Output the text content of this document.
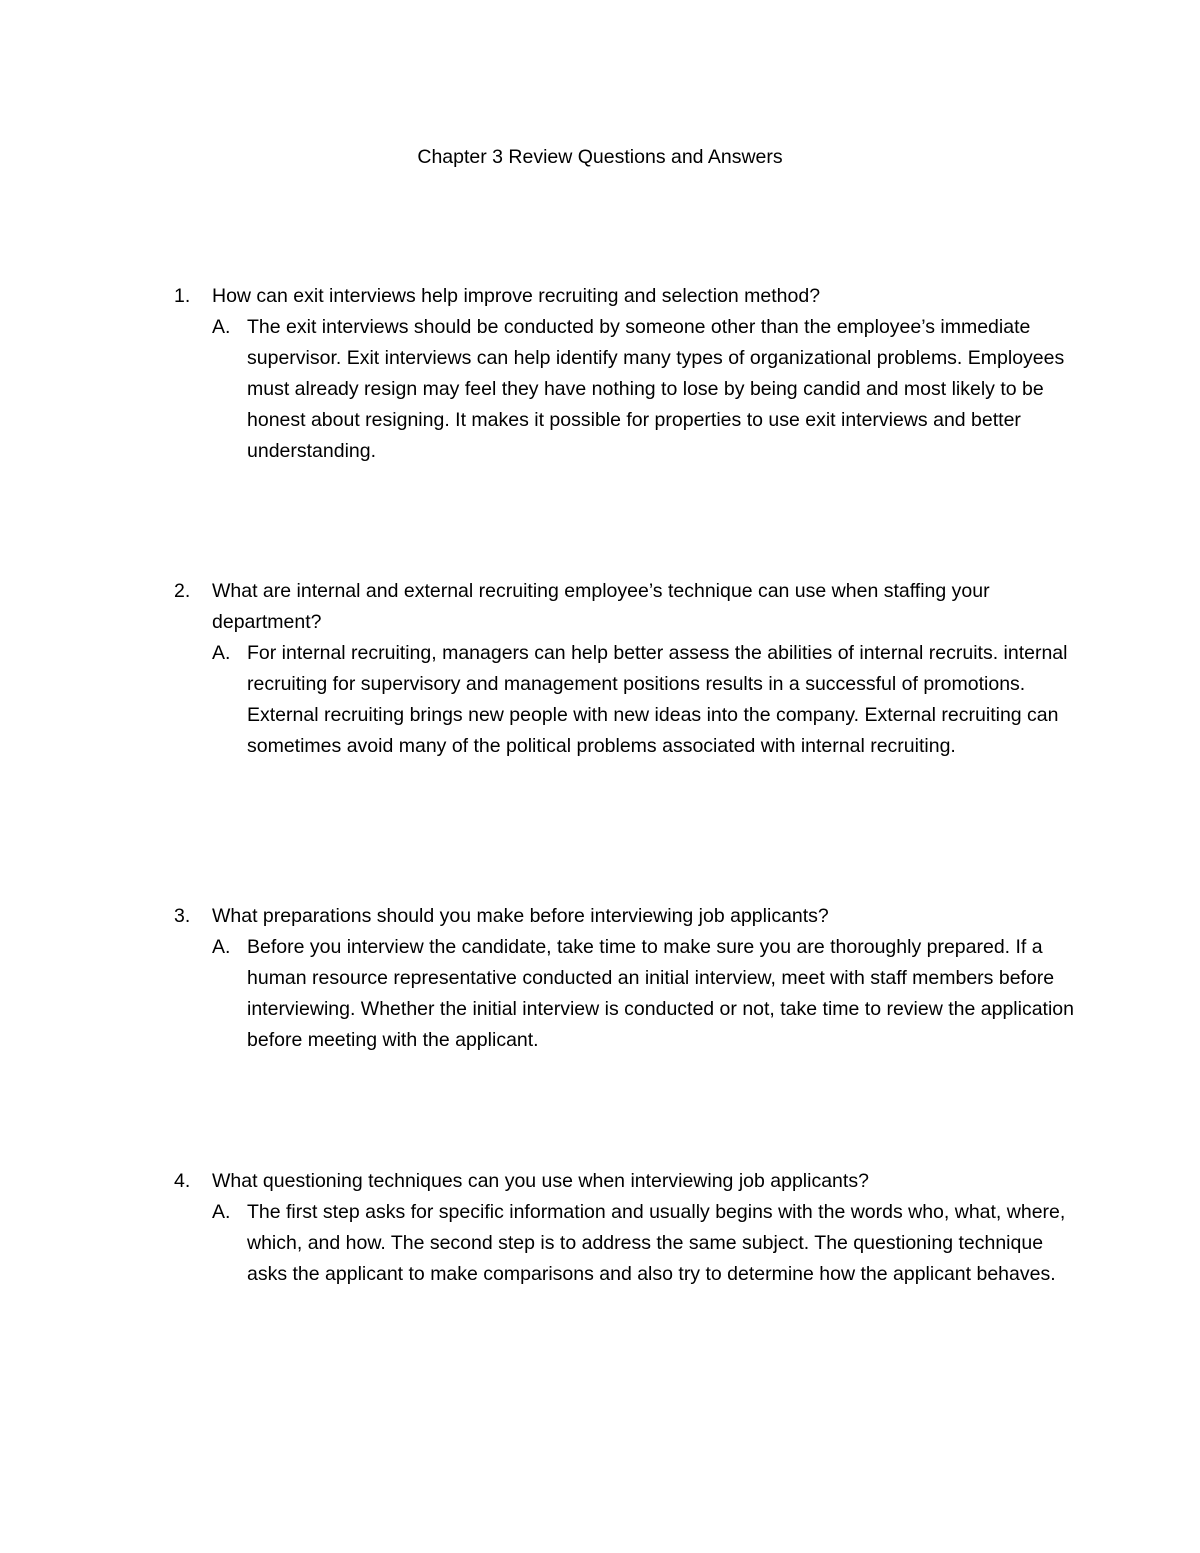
Chapter 3 Review Questions and Answers

1. How can exit interviews help improve recruiting and selection method?

A. The exit interviews should be conducted by someone other than the employee’s immediate supervisor. Exit interviews can help identify many types of organizational problems. Employees must already resign may feel they have nothing to lose by being candid and most likely to be honest about resigning. It makes it possible for properties to use exit interviews and better understanding.

2. What are internal and external recruiting employee’s technique can use when staffing your department?

A. For internal recruiting, managers can help better assess the abilities of internal recruits. internal recruiting for supervisory and management positions results in a successful of promotions. External recruiting brings new people with new ideas into the company. External recruiting can sometimes avoid many of the political problems associated with internal recruiting.

3. What preparations should you make before interviewing job applicants?

A. Before you interview the candidate, take time to make sure you are thoroughly prepared. If a human resource representative conducted an initial interview, meet with staff members before interviewing. Whether the initial interview is conducted or not, take time to review the application before meeting with the applicant.

4. What questioning techniques can you use when interviewing job applicants?

A. The first step asks for specific information and usually begins with the words who, what, where, which, and how. The second step is to address the same subject. The questioning technique asks the applicant to make comparisons and also try to determine how the applicant behaves.
